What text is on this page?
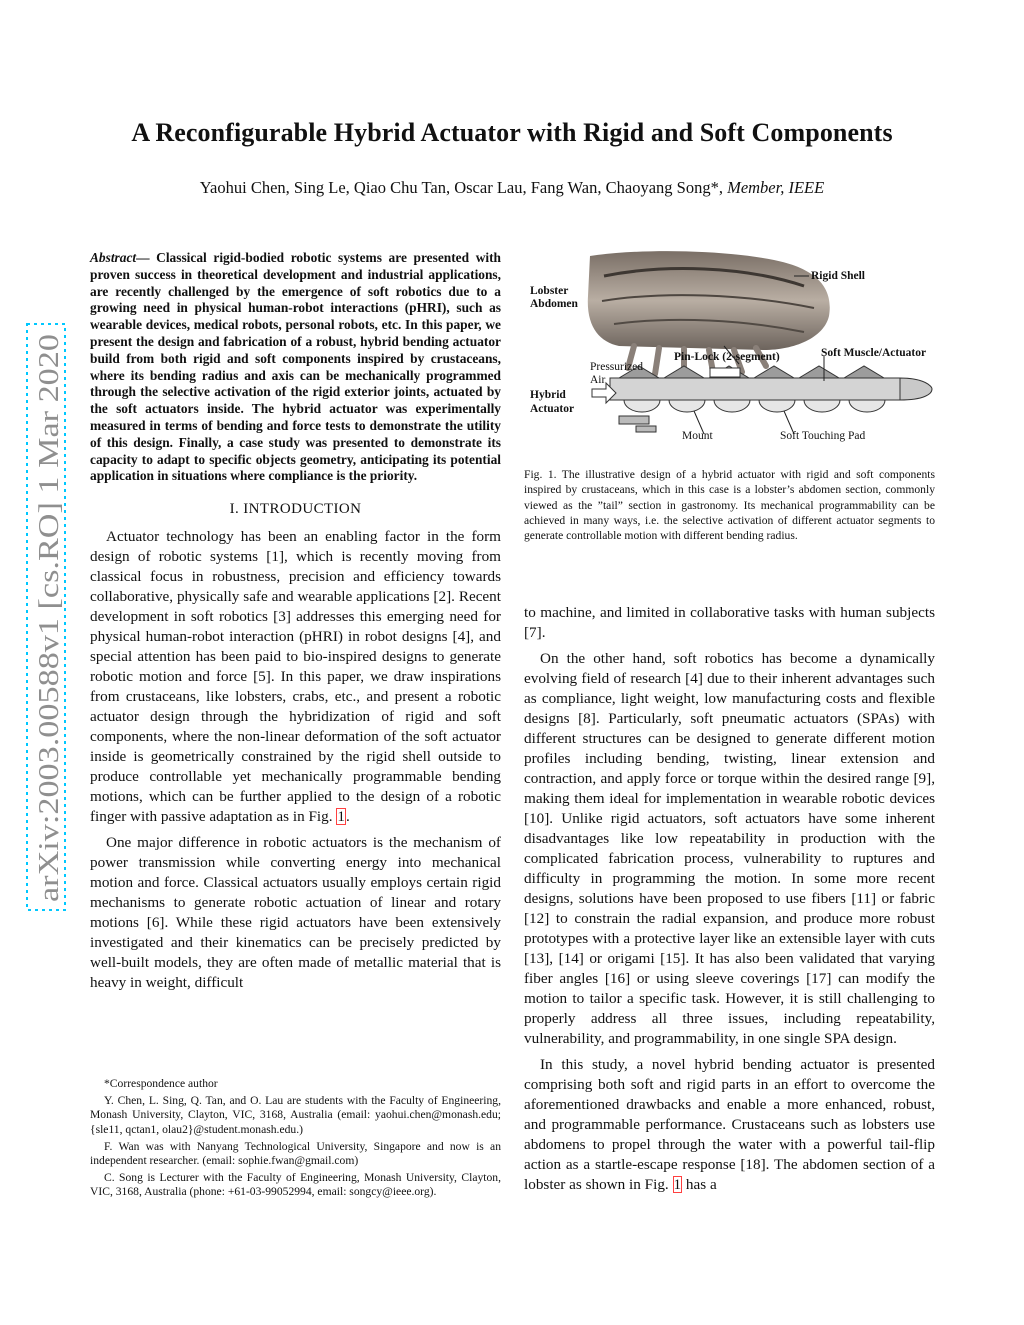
arXiv:2003.00588v1 [cs.RO] 1 Mar 2020
A Reconfigurable Hybrid Actuator with Rigid and Soft Components
Yaohui Chen, Sing Le, Qiao Chu Tan, Oscar Lau, Fang Wan, Chaoyang Song*, Member, IEEE

Abstract— Classical rigid-bodied robotic systems are presented with proven success in theoretical development and industrial applications, are recently challenged by the emergence of soft robotics due to a growing need in physical human-robot interactions (pHRI), such as wearable devices, medical robots, personal robots, etc. In this paper, we present the design and fabrication of a robust, hybrid bending actuator build from both rigid and soft components inspired by crustaceans, where its bending radius and axis can be mechanically programmed through the selective activation of the rigid exterior joints, actuated by the soft actuators inside. The hybrid actuator was experimentally measured in terms of bending and force tests to demonstrate the utility of this design. Finally, a case study was presented to demonstrate its capacity to adapt to specific objects geometry, anticipating its potential application in situations where compliance is the priority.

I. INTRODUCTION

Actuator technology has been an enabling factor in the form design of robotic systems [1], which is recently moving from classical focus in robustness, precision and efficiency towards collaborative, physically safe and wearable applications [2]. Recent development in soft robotics [3] addresses this emerging need for physical human-robot interaction (pHRI) in robot designs [4], and special attention has been paid to bio-inspired designs to generate robotic motion and force [5]. In this paper, we draw inspirations from crustaceans, like lobsters, crabs, etc., and present a robotic actuator design through the hybridization of rigid and soft components, where the non-linear deformation of the soft actuator inside is geometrically constrained by the rigid shell outside to produce controllable yet mechanically programmable bending motions, which can be further applied to the design of a robotic finger with passive adaptation as in Fig. 1.

One major difference in robotic actuators is the mechanism of power transmission while converting energy into mechanical motion and force. Classical actuators usually employs certain rigid mechanisms to generate robotic actuation of linear and rotary motions [6]. While these rigid actuators have been extensively investigated and their kinematics can be precisely predicted by well-built models, they are often made of metallic material that is heavy in weight, difficult

*Correspondence author

Y. Chen, L. Sing, Q. Tan, and O. Lau are students with the Faculty of Engineering, Monash University, Clayton, VIC, 3168, Australia (email: yaohui.chen@monash.edu; {sle11, qctan1, olau2}@student.monash.edu.)

F. Wan was with Nanyang Technological University, Singapore and now is an independent researcher. (email: sophie.fwan@gmail.com)

C. Song is Lecturer with the Faculty of Engineering, Monash University, Clayton, VIC, 3168, Australia (phone: +61-03-99052994, email: songcy@ieee.org).

Lobster
Abdomen
Rigid Shell
Pin-Lock (2-segment)	Soft Muscle/Actuator
Pressurized
Air
Hybrid
Actuator
Mount	Soft Touching Pad
Fig. 1. The illustrative design of a hybrid actuator with rigid and soft components inspired by crustaceans, which in this case is a lobster’s abdomen section, commonly viewed as the ”tail” section in gastronomy. Its mechanical programmability can be achieved in many ways, i.e. the selective activation of different actuator segments to generate controllable motion with different bending radius.

to machine, and limited in collaborative tasks with human subjects [7].

On the other hand, soft robotics has become a dynamically evolving field of research [4] due to their inherent advantages such as compliance, light weight, low manufacturing costs and flexible designs [8]. Particularly, soft pneumatic actuators (SPAs) with different structures can be designed to generate different motion profiles including bending, twisting, linear extension and contraction, and apply force or torque within the desired range [9], making them ideal for implementation in wearable robotic devices [10]. Unlike rigid actuators, soft actuators have some inherent disadvantages like low repeatability in production with the complicated fabrication process, vulnerability to ruptures and difficulty in programming the motion. In some more recent designs, solutions have been proposed to use fibers [11] or fabric [12] to constrain the radial expansion, and produce more robust prototypes with a protective layer like an extensible layer with cuts [13], [14] or origami [15]. It has also been validated that varying fiber angles [16] or using sleeve coverings [17] can modify the motion to tailor a specific task. However, it is still challenging to properly address all three issues, including repeatability, vulnerability, and programmability, in one single SPA design.

In this study, a novel hybrid bending actuator is presented comprising both soft and rigid parts in an effort to overcome the aforementioned drawbacks and enable a more enhanced, robust, and programmable performance. Crustaceans such as lobsters use abdomens to propel through the water with a powerful tail-flip action as a startle-escape response [18]. The abdomen section of a lobster as shown in Fig. 1 has a
